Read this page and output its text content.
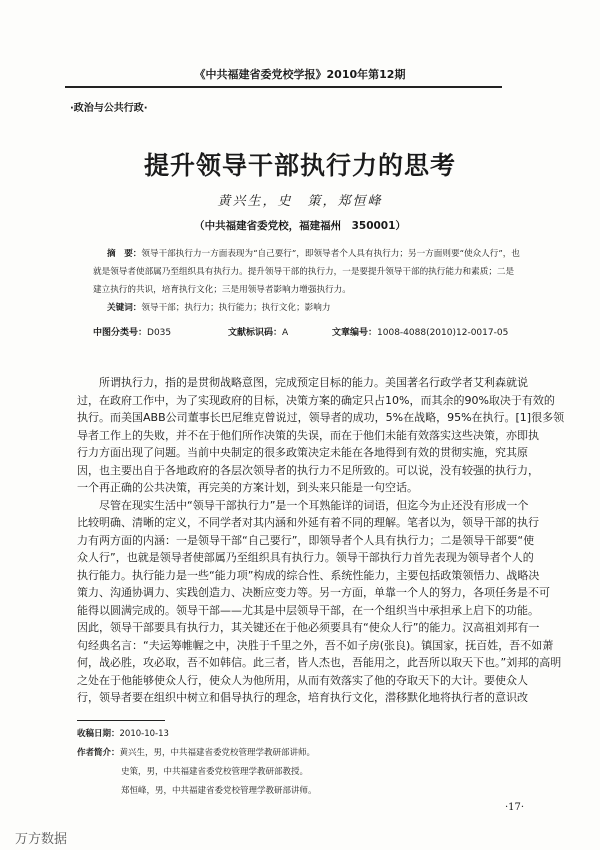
《中共福建省委党校学报》2010年第12期
·政治与公共行政·
提升领导干部执行力的思考
黄兴生，史　策，郑恒峰
（中共福建省委党校，福建福州　350001）
摘　要：领导干部执行力一方面表现为“自己要行”，即领导者个人具有执行力；另一方面则要“使众人行”，也
就是领导者使部属乃至组织具有执行力。提升领导干部的执行力，一是要提升领导干部的执行能力和素质；二是
建立执行的共识，培育执行文化；三是用领导者影响力增强执行力。
关键词：领导干部；执行力；执行能力；执行文化；影响力
中图分类号：D035	文献标识码：A	文章编号：1008-4088(2010)12-0017-05
所谓执行力，指的是贯彻战略意图，完成预定目标的能力。美国著名行政学者艾利森就说
过，在政府工作中，为了实现政府的目标，决策方案的确定只占10%，而其余的90%取决于有效的
执行。而美国ABB公司董事长巴尼维克曾说过，领导者的成功，5%在战略，95%在执行。[1]很多领
导者工作上的失败，并不在于他们所作决策的失误，而在于他们未能有效落实这些决策，亦即执
行力方面出现了问题。当前中央制定的很多政策决定未能在各地得到有效的贯彻实施，究其原
因，也主要出自于各地政府的各层次领导者的执行力不足所致的。可以说，没有较强的执行力，
一个再正确的公共决策，再完美的方案计划，到头来只能是一句空话。
尽管在现实生活中“领导干部执行力”是一个耳熟能详的词语，但迄今为止还没有形成一个
比较明确、清晰的定义，不同学者对其内涵和外延有着不同的理解。笔者以为，领导干部的执行
力有两方面的内涵：一是领导干部“自己要行”，即领导者个人具有执行力；二是领导干部要“使
众人行”，也就是领导者使部属乃至组织具有执行力。领导干部执行力首先表现为领导者个人的
执行能力。执行能力是一些“能力项”构成的综合性、系统性能力，主要包括政策领悟力、战略决
策力、沟通协调力、实践创造力、决断应变力等。另一方面，单靠一个人的努力，各项任务是不可
能得以圆满完成的。领导干部——尤其是中层领导干部，在一个组织当中承担承上启下的功能。
因此，领导干部要具有执行力，其关键还在于他必须要具有“使众人行”的能力。汉高祖刘邦有一
句经典名言：“夫运筹帷幄之中，决胜于千里之外，吾不如子房(张良)。镇国家，抚百姓，吾不如萧
何，战必胜，攻必取，吾不如韩信。此三者，皆人杰也，吾能用之，此吾所以取天下也。”刘邦的高明
之处在于他能够使众人行，使众人为他所用，从而有效落实了他的夺取天下的大计。要使众人
行，领导者要在组织中树立和倡导执行的理念，培育执行文化，潜移默化地将执行者的意识改
收稿日期：2010-10-13
作者简介：黄兴生，男，中共福建省委党校管理学教研部讲师。
史策，男，中共福建省委党校管理学教研部教授。
郑恒峰，男，中共福建省委党校管理学教研部讲师。
·17·
万方数据
